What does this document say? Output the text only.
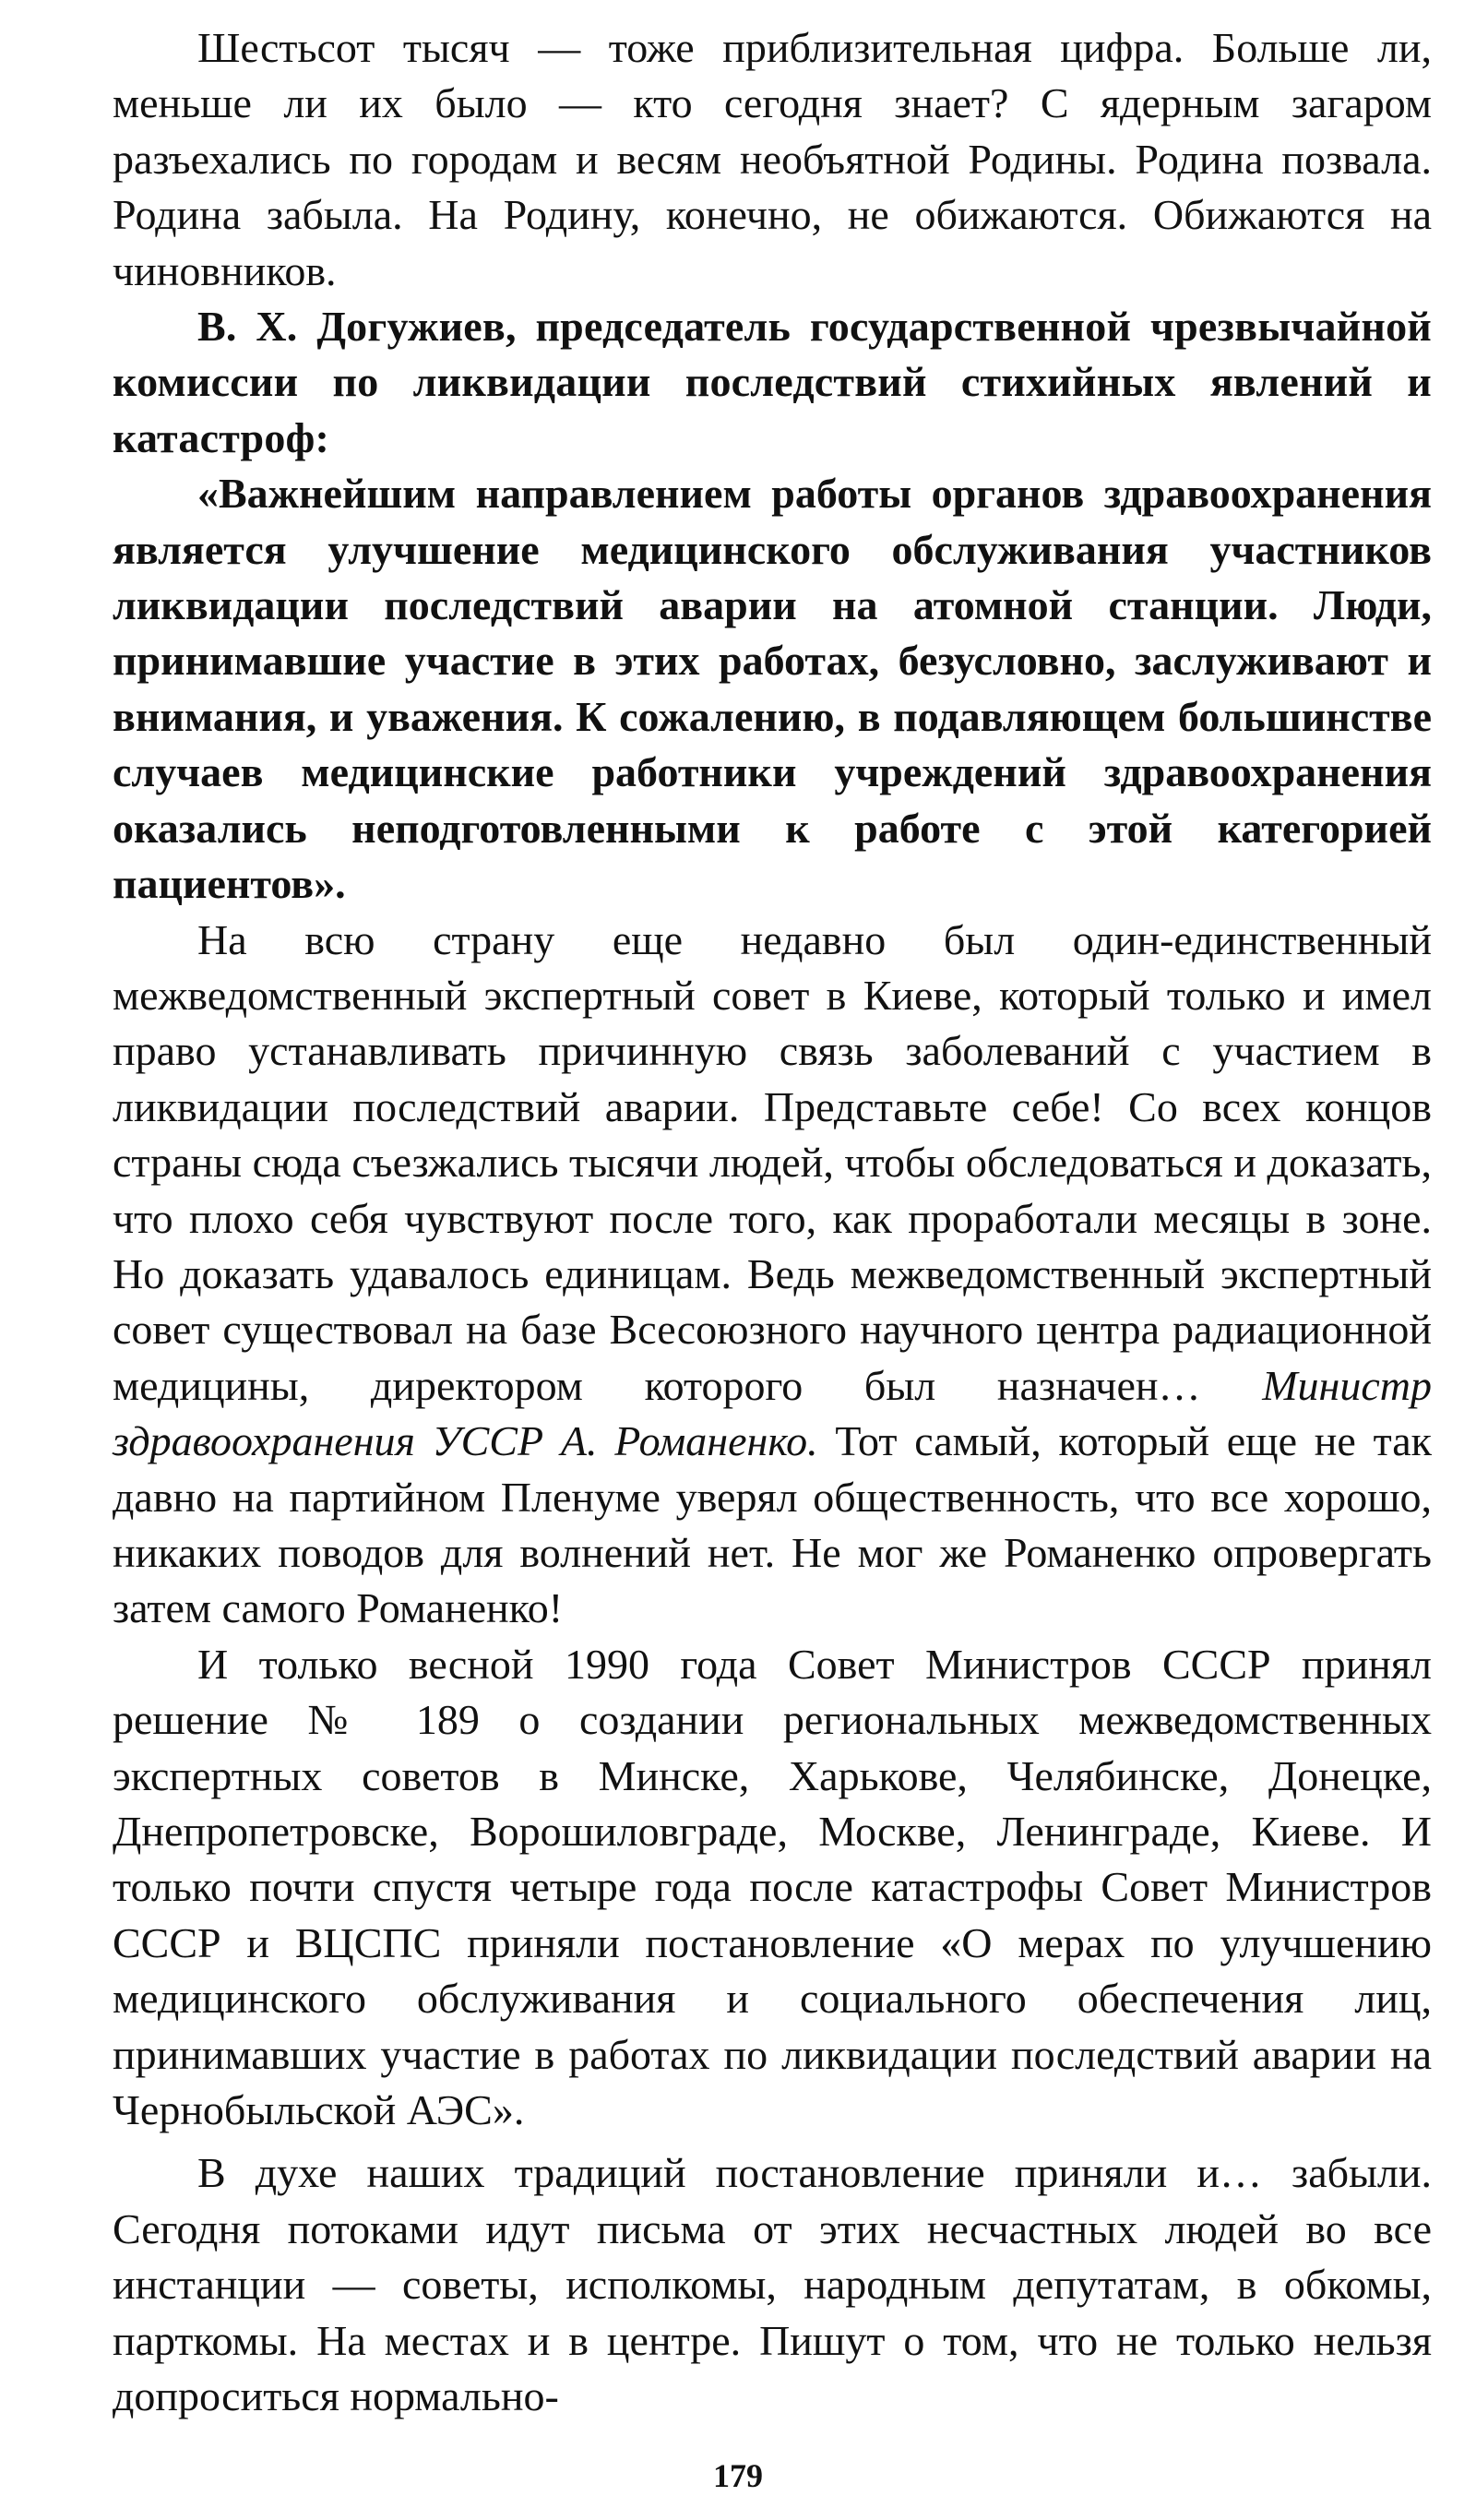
Шестьсот тысяч — тоже приблизительная цифра. Больше ли, меньше ли их было — кто сегодня знает? С ядерным загаром разъехались по городам и весям необъятной Родины. Родина позвала. Родина забыла. На Родину, конечно, не обижаются. Обижаются на чиновников.

В. Х. Догужиев, председатель государственной чрезвычайной комиссии по ликвидации последствий стихийных явлений и катастроф:

«Важнейшим направлением работы органов здравоохранения является улучшение медицинского обслуживания участников ликвидации последствий аварии на атомной станции. Люди, принимавшие участие в этих работах, безусловно, заслуживают и внимания, и уважения. К сожалению, в подавляющем большинстве случаев медицинские работники учреждений здравоохранения оказались неподготовленными к работе с этой категорией пациентов».

На всю страну еще недавно был один-единственный межведомственный экспертный совет в Киеве, который только и имел право устанавливать причинную связь заболеваний с участием в ликвидации последствий аварии. Представьте себе! Со всех концов страны сюда съезжались тысячи людей, чтобы обследоваться и доказать, что плохо себя чувствуют после того, как проработали месяцы в зоне. Но доказать удавалось единицам. Ведь межведомственный экспертный совет существовал на базе Всесоюзного научного центра радиационной медицины, директором которого был назначен… Министр здравоохранения УССР А. Романенко. Тот самый, который еще не так давно на партийном Пленуме уверял общественность, что все хорошо, никаких поводов для волнений нет. Не мог же Романенко опровергать затем самого Романенко!

И только весной 1990 года Совет Министров СССР принял решение № 189 о создании региональных межведомственных экспертных советов в Минске, Харькове, Челябинске, Донецке, Днепропетровске, Ворошиловграде, Москве, Ленинграде, Киеве. И только почти спустя четыре года после катастрофы Совет Министров СССР и ВЦСПС приняли постановление «О мерах по улучшению медицинского обслуживания и социального обеспечения лиц, принимавших участие в работах по ликвидации последствий аварии на Чернобыльской АЭС».

В духе наших традиций постановление приняли и… забыли. Сегодня потоками идут письма от этих несчастных людей во все инстанции — советы, исполкомы, народным депутатам, в обкомы, парткомы. На местах и в центре. Пишут о том, что не только нельзя допроситься нормально-

179
